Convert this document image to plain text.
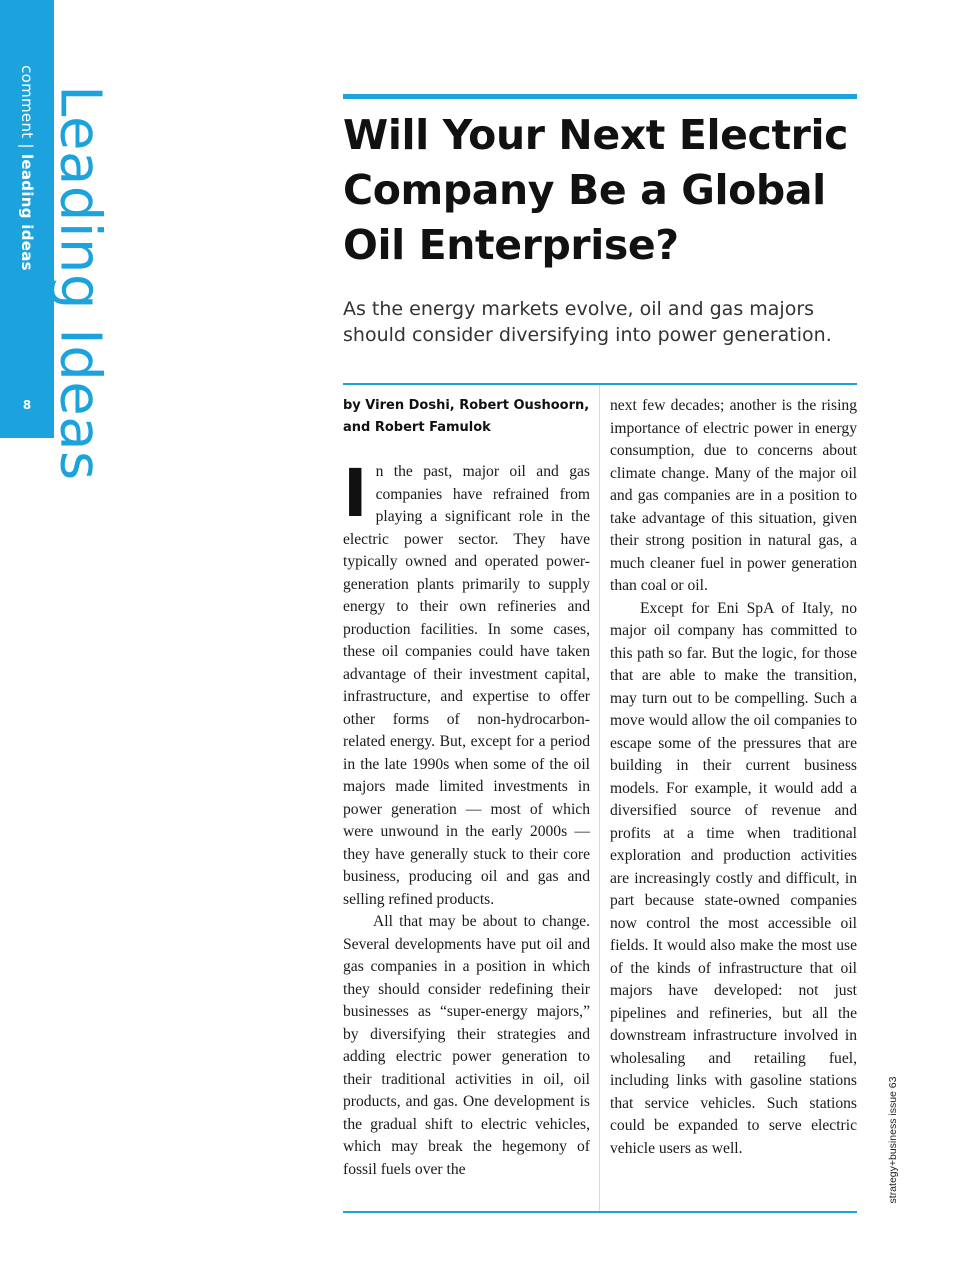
comment | leading ideas
8 Leading Ideas	Will Your Next Electric Company Be a Global Oil Enterprise?

As the energy markets evolve, oil and gas majors should consider diversifying into power generation.

by Viren Doshi, Robert Oushoorn, and Robert Famulok

In the past, major oil and gas companies have refrained from playing a significant role in the electric power sector. They have typically owned and operated power-generation plants primarily to supply energy to their own refineries and production facilities. In some cases, these oil companies could have taken advantage of their investment capital, infrastructure, and expertise to offer other forms of non-hydrocarbon-related energy. But, except for a period in the late 1990s when some of the oil majors made limited investments in power generation — most of which were unwound in the early 2000s — they have generally stuck to their core business, producing oil and gas and selling refined products.

All that may be about to change. Several developments have put oil and gas companies in a position in which they should consider redefining their businesses as “super-energy majors,” by diversifying their strategies and adding electric power generation to their traditional activities in oil, oil products, and gas. One development is the gradual shift to electric vehicles, which may break the hegemony of fossil fuels over the

next few decades; another is the rising importance of electric power in energy consumption, due to concerns about climate change. Many of the major oil and gas companies are in a position to take advantage of this situation, given their strong position in natural gas, a much cleaner fuel in power generation than coal or oil.

Except for Eni SpA of Italy, no major oil company has committed to this path so far. But the logic, for those that are able to make the transition, may turn out to be compelling. Such a move would allow the oil companies to escape some of the pressures that are building in their current business models. For example, it would add a diversified source of revenue and profits at a time when traditional exploration and production activities are increasingly costly and difficult, in part because state-owned companies now control the most accessible oil fields. It would also make the most use of the kinds of infrastructure that oil majors have developed: not just pipelines and refineries, but all the downstream infrastructure involved in wholesaling and retailing fuel, including links with gasoline stations that service vehicles. Such stations could be expanded to serve electric vehicle users as well.	strategy+business issue 63
